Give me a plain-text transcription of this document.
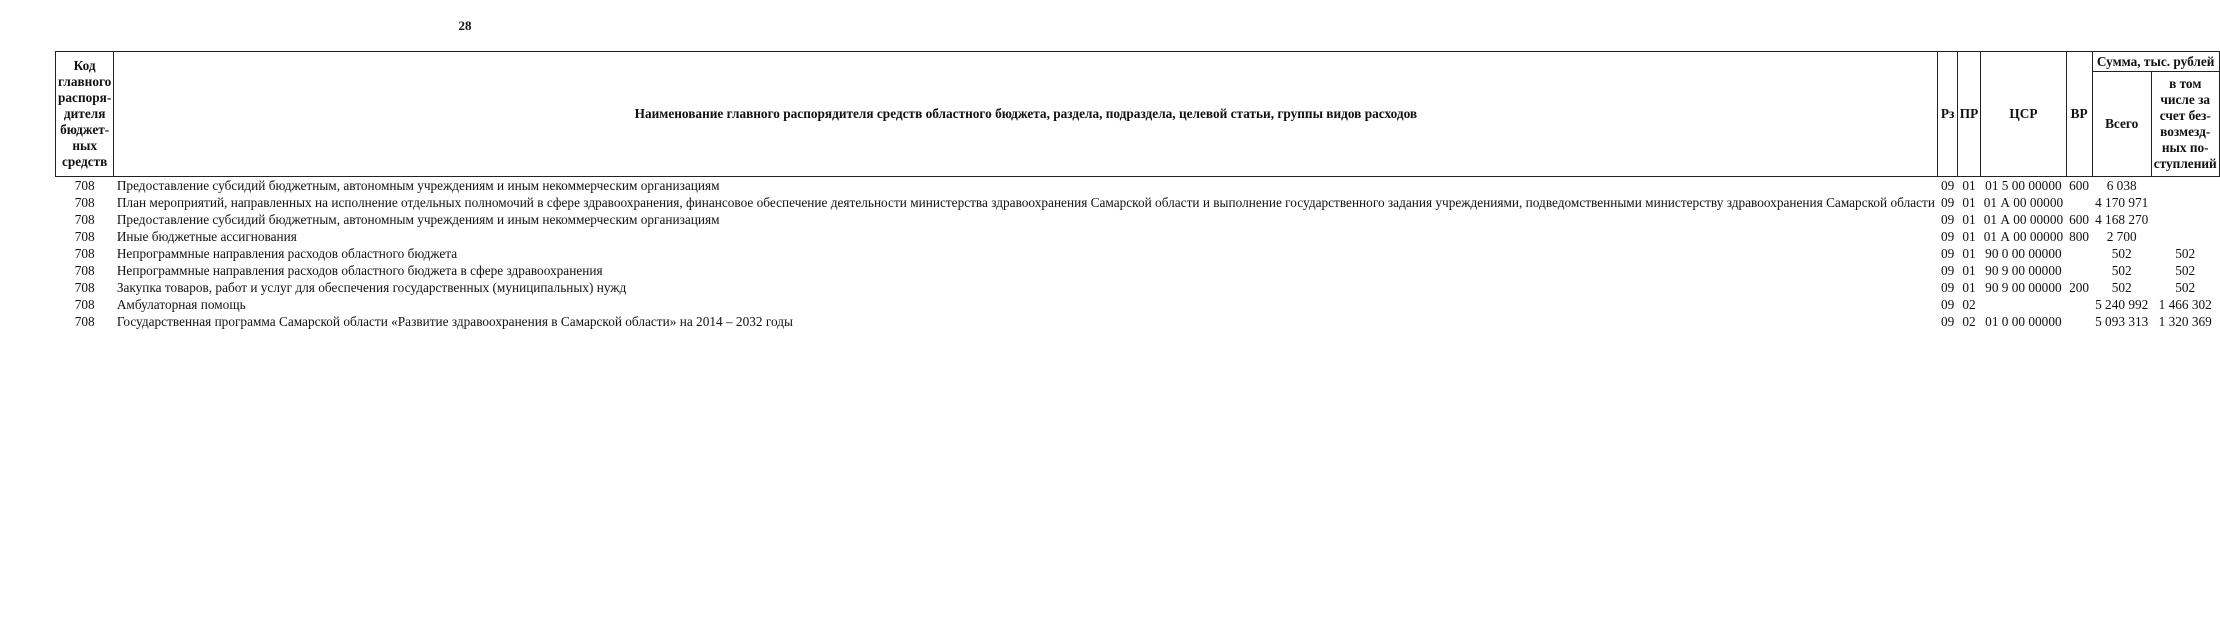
28
Код главного распоря-дителя бюджет-ных средств	Наименование главного распорядителя средств областного бюджета, раздела, подраздела, целевой статьи, группы видов расходов	Рз	ПР	ЦСР	ВР	Сумма, тыс. рублей	
						Всего	в том числе за счет без-возмезд-ных по-ступлений
708	Предоставление субсидий бюджетным, автономным учреждениям и иным некоммерческим организациям	09	01	01 5 00 00000	600	6 038	
708	План мероприятий, направленных на исполнение отдельных полномочий в сфере здравоохранения, финансовое обеспечение деятельности министерства здравоохранения Самарской области и выполнение государственного задания учреждениями, подведомственными министерству здравоохранения Самарской области	09	01	01 А 00 00000		4 170 971	
708	Предоставление субсидий бюджетным, автономным учреждениям и иным некоммерческим организациям	09	01	01 А 00 00000	600	4 168 270	
708	Иные бюджетные ассигнования	09	01	01 А 00 00000	800	2 700	
708	Непрограммные направления расходов областного бюджета	09	01	90 0 00 00000		502	502
708	Непрограммные направления расходов областного бюджета в сфере здравоохранения	09	01	90 9 00 00000		502	502
708	Закупка товаров, работ и услуг для обеспечения государственных (муниципальных) нужд	09	01	90 9 00 00000	200	502	502
708	Амбулаторная помощь	09	02			5 240 992	1 466 302
708	Государственная программа Самарской области «Развитие здравоохранения в Самарской области» на 2014 – 2032 годы	09	02	01 0 00 00000		5 093 313	1 320 369
